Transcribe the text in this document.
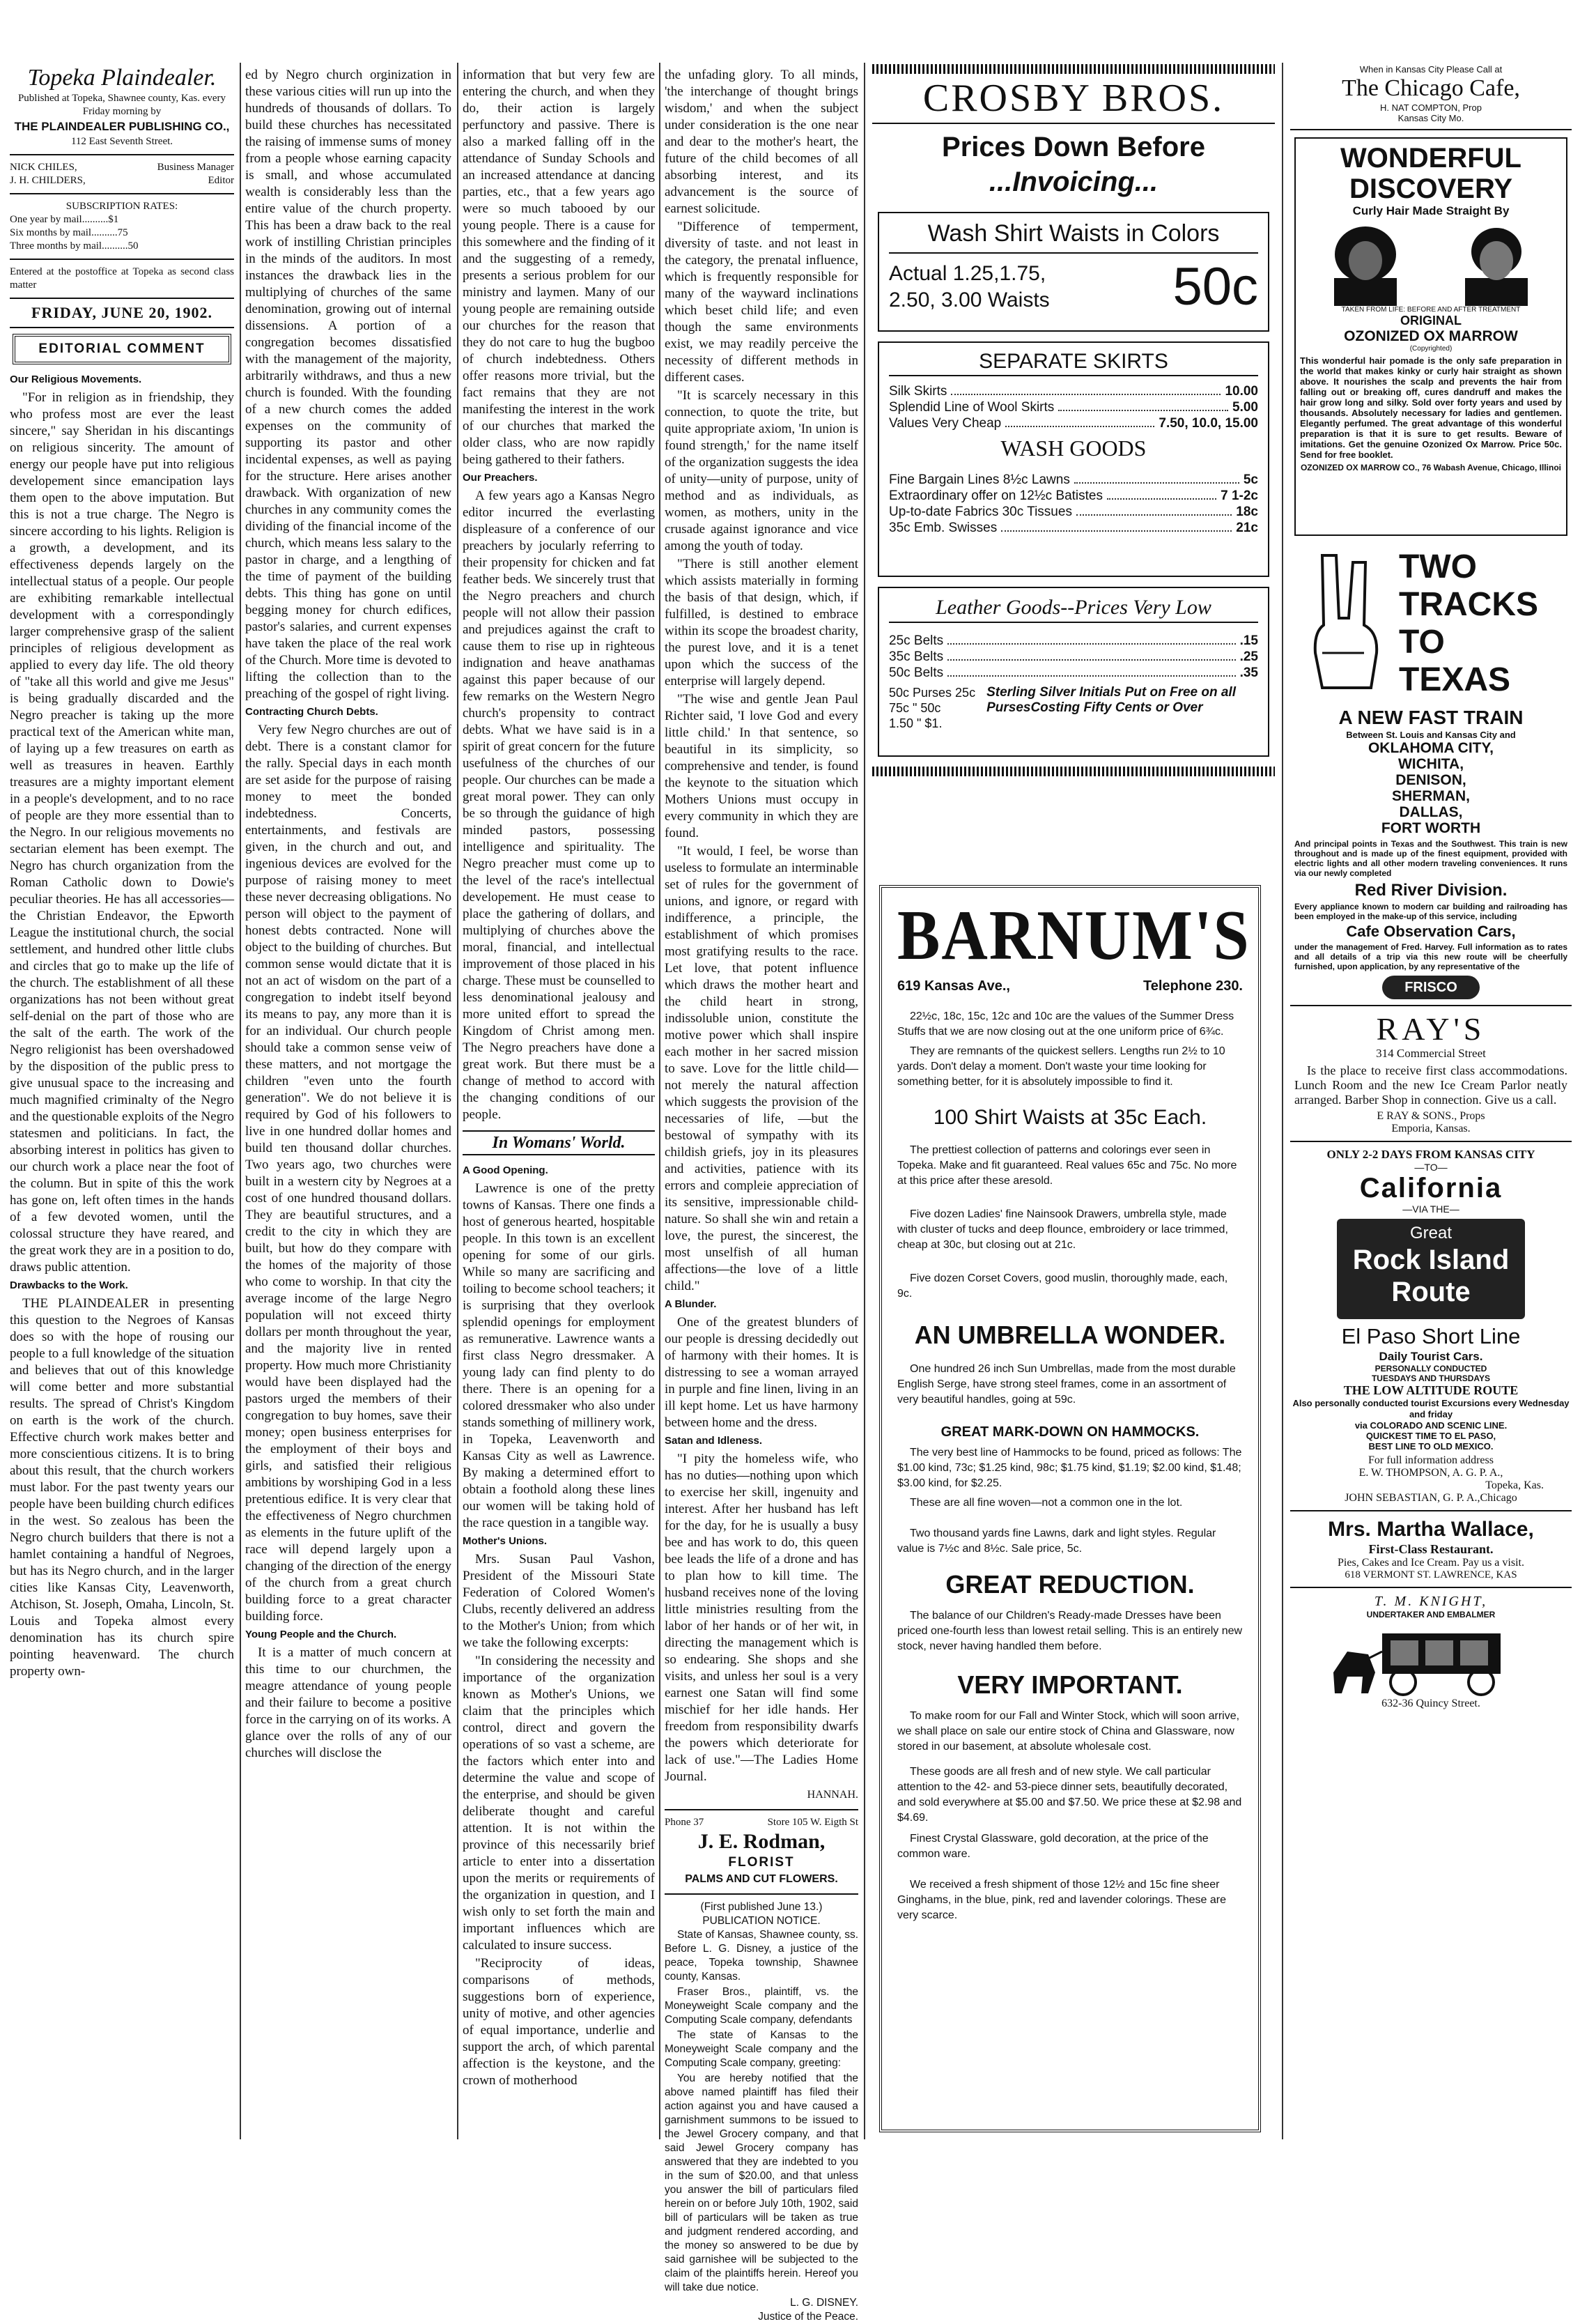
Topeka Plaindealer.
Published at Topeka, Shawnee county, Kas. every Friday morning by
THE PLAINDEALER PUBLISHING CO.,
112 East Seventh Street.
NICK CHILES,	Business Manager
J. H. CHILDERS,	Editor
SUBSCRIPTION RATES:
One year by mail..........$1
Six months by mail..........75
Three months by mail..........50
Entered at the postoffice at Topeka as second class matter
FRIDAY, JUNE 20, 1902.
EDITORIAL COMMENT

Our Religious Movements.

"For in religion as in friendship, they who profess most are ever the least sincere," say Sheridan in his discantings on religious sincerity. The amount of energy our people have put into religious developement since emancipation lays them open to the above imputation. But this is not a true charge. The Negro is sincere according to his lights. Religion is a growth, a development, and its effectiveness depends largely on the intellectual status of a people. Our people are exhibiting remarkable intellectual development with a correspondingly larger comprehensive grasp of the salient principles of religious development as applied to every day life. The old theory of "take all this world and give me Jesus" is being gradually discarded and the Negro preacher is taking up the more practical text of the American white man, of laying up a few treasures on earth as well as treasures in heaven. Earthly treasures are a mighty important element in a people's development, and to no race of people are they more essential than to the Negro. In our religious movements no sectarian element has been exempt. The Negro has church organization from the Roman Catholic down to Dowie's peculiar theories. He has all accessories—the Christian Endeavor, the Epworth League the institutional church, the social settlement, and hundred other little clubs and circles that go to make up the life of the church. The establishment of all these organizations has not been without great self-denial on the part of those who are the salt of the earth. The work of the Negro religionist has been overshadowed by the disposition of the public press to give unusual space to the increasing and much magnified criminalty of the Negro and the questionable exploits of the Negro statesmen and politicians. In fact, the absorbing interest in politics has given to our church work a place near the foot of the column. But in spite of this the work has gone on, left often times in the hands of a few devoted women, until the colossal structure they have reared, and the great work they are in a position to do, draws public attention.

Drawbacks to the Work.

THE PLAINDEALER in presenting this question to the Negroes of Kansas does so with the hope of rousing our people to a full knowledge of the situation and believes that out of this knowledge will come better and more substantial results. The spread of Christ's Kingdom on earth is the work of the church. Effective church work makes better and more conscientious citizens. It is to bring about this result, that the church workers must labor. For the past twenty years our people have been building church edifices in the west. So zealous has been the Negro church builders that there is not a hamlet containing a handful of Negroes, but has its Negro church, and in the larger cities like Kansas City, Leavenworth, Atchison, St. Joseph, Omaha, Lincoln, St. Louis and Topeka almost every denomination has its church spire pointing heavenward. The church property own-

ed by Negro church orginization in these various cities will run up into the hundreds of thousands of dollars. To build these churches has necessitated the raising of immense sums of money from a people whose earning capacity is small, and whose accumulated wealth is considerably less than the entire value of the church property. This has been a draw back to the real work of instilling Christian principles in the minds of the auditors. In most instances the drawback lies in the multiplying of churches of the same denomination, growing out of internal dissensions. A portion of a congregation becomes dissatisfied with the management of the majority, arbitrarily withdraws, and thus a new church is founded. With the founding of a new church comes the added expenses on the community of supporting its pastor and other incidental expenses, as well as paying for the structure. Here arises another drawback. With organization of new churches in any community comes the dividing of the financial income of the church, which means less salary to the pastor in charge, and a lengthing of the time of payment of the building debts. This thing has gone on until begging money for church edifices, pastor's salaries, and current expenses have taken the place of the real work of the Church. More time is devoted to lifting the collection than to the preaching of the gospel of right living.

Contracting Church Debts.

Very few Negro churches are out of debt. There is a constant clamor for the rally. Special days in each month are set aside for the purpose of raising money to meet the bonded indebtedness. Concerts, entertainments, and festivals are given, in the church and out, and ingenious devices are evolved for the purpose of raising money to meet these never decreasing obligations. No person will object to the payment of honest debts contracted. None will object to the building of churches. But common sense would dictate that it is not an act of wisdom on the part of a congregation to indebt itself beyond its means to pay, any more than it is for an individual. Our church people should take a common sense veiw of these matters, and not mortgage the children "even unto the fourth generation". We do not believe it is required by God of his followers to live in one hundred dollar homes and build ten thousand dollar churches. Two years ago, two churches were built in a western city by Negroes at a cost of one hundred thousand dollars. They are beautiful structures, and a credit to the city in which they are built, but how do they compare with the homes of the majority of those who come to worship. In that city the average income of the large Negro population will not exceed thirty dollars per month throughout the year, and the majority live in rented property. How much more Christianity would have been displayed had the pastors urged the members of their congregation to buy homes, save their money; open business enterprises for the employment of their boys and girls, and satisfied their religious ambitions by worshiping God in a less pretentious edifice. It is very clear that the effectiveness of Negro churchmen as elements in the future uplift of the race will depend largely upon a changing of the direction of the energy of the church from a great church building force to a great character building force.

Young People and the Church.

It is a matter of much concern at this time to our churchmen, the meagre attendance of young people and their failure to become a positive force in the carrying on of its works. A glance over the rolls of any of our churches will disclose the

information that but very few are entering the church, and when they do, their action is largely perfunctory and passive. There is also a marked falling off in the attendance of Sunday Schools and an increased attendance at dancing parties, etc., that a few years ago were so much tabooed by our young people. There is a cause for this somewhere and the finding of it and the suggesting of a remedy, presents a serious problem for our ministry and laymen. Many of our young people are remaining outside our churches for the reason that they do not care to hug the bugboo of church indebtedness. Others offer reasons more trivial, but the fact remains that they are not manifesting the interest in the work of our churches that marked the older class, who are now rapidly being gathered to their fathers.

Our Preachers.

A few years ago a Kansas Negro editor incurred the everlasting displeasure of a conference of our preachers by jocularly referring to their propensity for chicken and fat feather beds. We sincerely trust that the Negro preachers and church people will not allow their passion and prejudices against the craft to cause them to rise up in righteous indignation and heave anathamas against this paper because of our few remarks on the Western Negro church's propensity to contract debts. What we have said is in a spirit of great concern for the future usefulness of the churches of our people. Our churches can be made a great moral power. They can only be so through the guidance of high minded pastors, possessing intelligence and spirituality. The Negro preacher must come up to the level of the race's intellectual developement. He must cease to place the gathering of dollars, and multiplying of churches above the moral, financial, and intellectual improvement of those placed in his charge. These must be counselled to less denominational jealousy and more united effort to spread the Kingdom of Christ among men. The Negro preachers have done a great work. But there must be a change of method to accord with the changing conditions of our people.

In Womans' World.

A Good Opening.

Lawrence is one of the pretty towns of Kansas. There one finds a host of generous hearted, hospitable people. In this town is an excellent opening for some of our girls. While so many are sacrificing and toiling to become school teachers; it is surprising that they overlook splendid openings for employment as remunerative. Lawrence wants a first class Negro dressmaker. A young lady can find plenty to do there. There is an opening for a colored dressmaker who also under stands something of millinery work, in Topeka, Leavenworth and Kansas City as well as Lawrence. By making a determined effort to obtain a foothold along these lines our women will be taking hold of the race question in a tangible way.

Mother's Unions.

Mrs. Susan Paul Vashon, President of the Missouri State Federation of Colored Women's Clubs, recently delivered an address to the Mother's Union; from which we take the following excerpts:

"In considering the necessity and importance of the organization known as Mother's Unions, we claim that the principles which control, direct and govern the operations of so vast a scheme, are the factors which enter into and determine the value and scope of the enterprise, and should be given deliberate thought and careful attention. It is not within the province of this necessarily brief article to enter into a dissertation upon the merits or requirements of the organization in question, and I wish only to set forth the main and important influences which are calculated to insure success.

"Reciprocity of ideas, comparisons of methods, suggestions born of experience, unity of motive, and other agencies of equal importance, underlie and support the arch, of which parental affection is the keystone, and the crown of motherhood

the unfading glory. To all minds, 'the interchange of thought brings wisdom,' and when the subject under consideration is the one near and dear to the mother's heart, the future of the child becomes of all absorbing interest, and its advancement is the source of earnest solicitude.

"Difference of temperment, diversity of taste. and not least in the category, the prenatal influence, which is frequently responsible for many of the wayward inclinations which beset child life; and even though the same environments exist, we may readily perceive the necessity of different methods in different cases.

"It is scarcely necessary in this connection, to quote the trite, but quite appropriate axiom, 'In union is found strength,' for the name itself of the organization suggests the idea of unity—unity of purpose, unity of method and as individuals, as women, as mothers, unity in the crusade against ignorance and vice among the youth of today.

"There is still another element which assists materially in forming the basis of that design, which, if fulfilled, is destined to embrace within its scope the broadest charity, the purest love, and it is a tenet upon which the success of the enterprise will largely depend.

"The wise and gentle Jean Paul Richter said, 'I love God and every little child.' In that sentence, so beautiful in its simplicity, so comprehensive and tender, is found the keynote to the situation which Mothers Unions must occupy in every community in which they are found.

"It would, I feel, be worse than useless to formulate an interminable set of rules for the government of unions, and ignore, or regard with indifference, a principle, the establishment of which promises most gratifying results to the race. Let love, that potent influence which draws the mother heart and the child heart in strong, indissoluble union, constitute the motive power which shall inspire each mother in her sacred mission to save. Love for the little child—not merely the natural affection which suggests the provision of the necessaries of life, —but the bestowal of sympathy with its childish griefs, joy in its pleasures and activities, patience with its errors and compleie appreciation of its sensitive, impressionable child-nature. So shall she win and retain a love, the purest, the sincerest, the most unselfish of all human affections—the love of a little child."

A Blunder.

One of the greatest blunders of our people is dressing decidedly out of harmony with their homes. It is distressing to see a woman arrayed in purple and fine linen, living in an ill kept home. Let us have harmony between home and the dress.

Satan and Idleness.

"I pity the homeless wife, who has no duties—nothing upon which to exercise her skill, ingenuity and interest. After her husband has left for the day, for he is usually a busy bee and has work to do, this queen bee leads the life of a drone and has to plan how to kill time. The husband receives none of the loving little ministries resulting from the labor of her hands or of her wit, in directing the management which is so endearing. She shops and she visits, and unless her soul is a very earnest one Satan will find some mischief for her idle hands. Her freedom from responsibility dwarfs the powers which deteriorate for lack of use."—The Ladies Home Journal.

HANNAH.
Phone 37	Store 105 W. Eigth St
J. E. Rodman,
FLORIST
PALMS AND CUT FLOWERS.
(First published June 13.)
PUBLICATION NOTICE.

State of Kansas, Shawnee county, ss. Before L. G. Disney, a justice of the peace, Topeka township, Shawnee county, Kansas.

Fraser Bros., plaintiff, vs. the Moneyweight Scale company and the Computing Scale company, defendants

The state of Kansas to the Moneyweight Scale company and the Computing Scale company, greeting:

You are hereby notified that the above named plaintiff has filed their action against you and have caused a garnishment summons to be issued to the Jewel Grocery company, and that said Jewel Grocery company has answered that they are indebted to you in the sum of $20.00, and that unless you answer the bill of particulars filed herein on or before July 10th, 1902, said bill of particulars will be taken as true and judgment rendered according, and the money so answered to be due by said garnishee will be subjected to the claim of the plaintiffs herein. Hereof you will take due notice.

L. G. DISNEY.
Justice of the Peace.
CROSBY BROS.
Prices Down Before
...Invoicing...
Wash Shirt Waists in Colors
Actual 1.25,1.75,
2.50, 3.00 Waists 50c
SEPARATE SKIRTS
Silk Skirts	10.00
Splendid Line of Wool Skirts	5.00
Values Very Cheap	7.50, 10.0, 15.00
WASH GOODS
Fine Bargain Lines 8½c Lawns	5c
Extraordinary offer on 12½c Batistes	7 1-2c
Up-to-date Fabrics 30c Tissues	18c
35c Emb. Swisses	21c
Leather Goods--Prices Very Low
25c Belts	.15
35c Belts	.25
50c Belts	.35
50c Purses 25c
75c " 50c
1.50 " $1.
Sterling Silver Initials Put on Free on all PursesCosting Fifty Cents or Over
BARNUM'S
619 Kansas Ave.,	Telephone 230.

22½c, 18c, 15c, 12c and 10c are the values of the Summer Dress Stuffs that we are now closing out at the one uniform price of 6¾c.

They are remnants of the quickest sellers. Lengths run 2½ to 10 yards. Don't delay a moment. Don't waste your time looking for something better, for it is absolutely impossible to find it.

100 Shirt Waists at 35c Each.

The prettiest collection of patterns and colorings ever seen in Topeka. Make and fit guaranteed. Real values 65c and 75c. No more at this price after these aresold.

Five dozen Ladies' fine Nainsook Drawers, umbrella style, made with cluster of tucks and deep flounce, embroidery or lace trimmed, cheap at 30c, but closing out at 21c.

Five dozen Corset Covers, good muslin, thoroughly made, each, 9c.

AN UMBRELLA WONDER.

One hundred 26 inch Sun Umbrellas, made from the most durable English Serge, have strong steel frames, come in an assortment of very beautiful handles, going at 59c.

GREAT MARK-DOWN ON HAMMOCKS.

The very best line of Hammocks to be found, priced as follows: The $1.00 kind, 73c; $1.25 kind, 98c; $1.75 kind, $1.19; $2.00 kind, $1.48; $3.00 kind, for $2.25.

These are all fine woven—not a common one in the lot.

Two thousand yards fine Lawns, dark and light styles. Regular value is 7½c and 8½c. Sale price, 5c.

GREAT REDUCTION.

The balance of our Children's Ready-made Dresses have been priced one-fourth less than lowest retail selling. This is an entirely new stock, never having handled them before.

VERY IMPORTANT.

To make room for our Fall and Winter Stock, which will soon arrive, we shall place on sale our entire stock of China and Glassware, now stored in our basement, at absolute wholesale cost.

These goods are all fresh and of new style. We call particular attention to the 42- and 53-piece dinner sets, beautifully decorated, and sold everywhere at $5.00 and $7.50. We price these at $2.98 and $4.69.

Finest Crystal Glassware, gold decoration, at the price of the common ware.

We received a fresh shipment of those 12½ and 15c fine sheer Ginghams, in the blue, pink, red and lavender colorings. These are very scarce.

When in Kansas City Please Call at
The Chicago Cafe,
H. NAT COMPTON, Prop
Kansas City Mo.
WONDERFUL
DISCOVERY
Curly Hair Made Straight By
TAKEN FROM LIFE: BEFORE AND AFTER TREATMENT
ORIGINAL
OZONIZED OX MARROW
(Copyrighted)
This wonderful hair pomade is the only safe preparation in the world that makes kinky or curly hair straight as shown above. It nourishes the scalp and prevents the hair from falling out or breaking off, cures dandruff and makes the hair grow long and silky. Sold over forty years and used by thousands. Absolutely necessary for ladies and gentlemen. Elegantly perfumed. The great advantage of this wonderful preparation is that it is sure to get results. Beware of imitations. Get the genuine Ozonized Ox Marrow. Price 50c. Send for free booklet.
OZONIZED OX MARROW CO., 76 Wabash Avenue, Chicago, Illinoi
TWO
TRACKS
TO
TEXAS
A NEW FAST TRAIN
Between St. Louis and Kansas City and
OKLAHOMA CITY,
WICHITA,
DENISON,
SHERMAN,
DALLAS,
FORT WORTH
And principal points in Texas and the Southwest. This train is new throughout and is made up of the finest equipment, provided with electric lights and all other modern traveling conveniences. It runs via our newly completed
Red River Division.
Every appliance known to modern car building and railroading has been employed in the make-up of this service, including
Cafe Observation Cars,
under the management of Fred. Harvey. Full information as to rates and all details of a trip via this new route will be cheerfully furnished, upon application, by any representative of the
FRISCO
RAY'S
314 Commercial Street
Is the place to receive first class accommodations. Lunch Room and the new Ice Cream Parlor neatly arranged. Barber Shop in connection. Give us a call.
E RAY & SONS., Props
Emporia, Kansas.
ONLY 2-2 DAYS FROM KANSAS CITY
—TO—
California
—VIA THE—
Great
Rock Island
Route
El Paso Short Line
Daily Tourist Cars.
PERSONALLY CONDUCTED
TUESDAYS AND THURSDAYS
THE LOW ALTITUDE ROUTE
Also personally conducted tourist Excursions every Wednesday and friday
via COLORADO AND SCENIC LINE.
QUICKEST TIME TO EL PASO,
BEST LINE TO OLD MEXICO.
For full information address
E. W. THOMPSON, A. G. P. A.,
Topeka, Kas.
JOHN SEBASTIAN, G. P. A.,Chicago
Mrs. Martha Wallace,
First-Class Restaurant.
Pies, Cakes and Ice Cream. Pay us a visit.
618 VERMONT ST. LAWRENCE, KAS
T. M. KNIGHT,
UNDERTAKER AND EMBALMER
632-36 Quincy Street.
